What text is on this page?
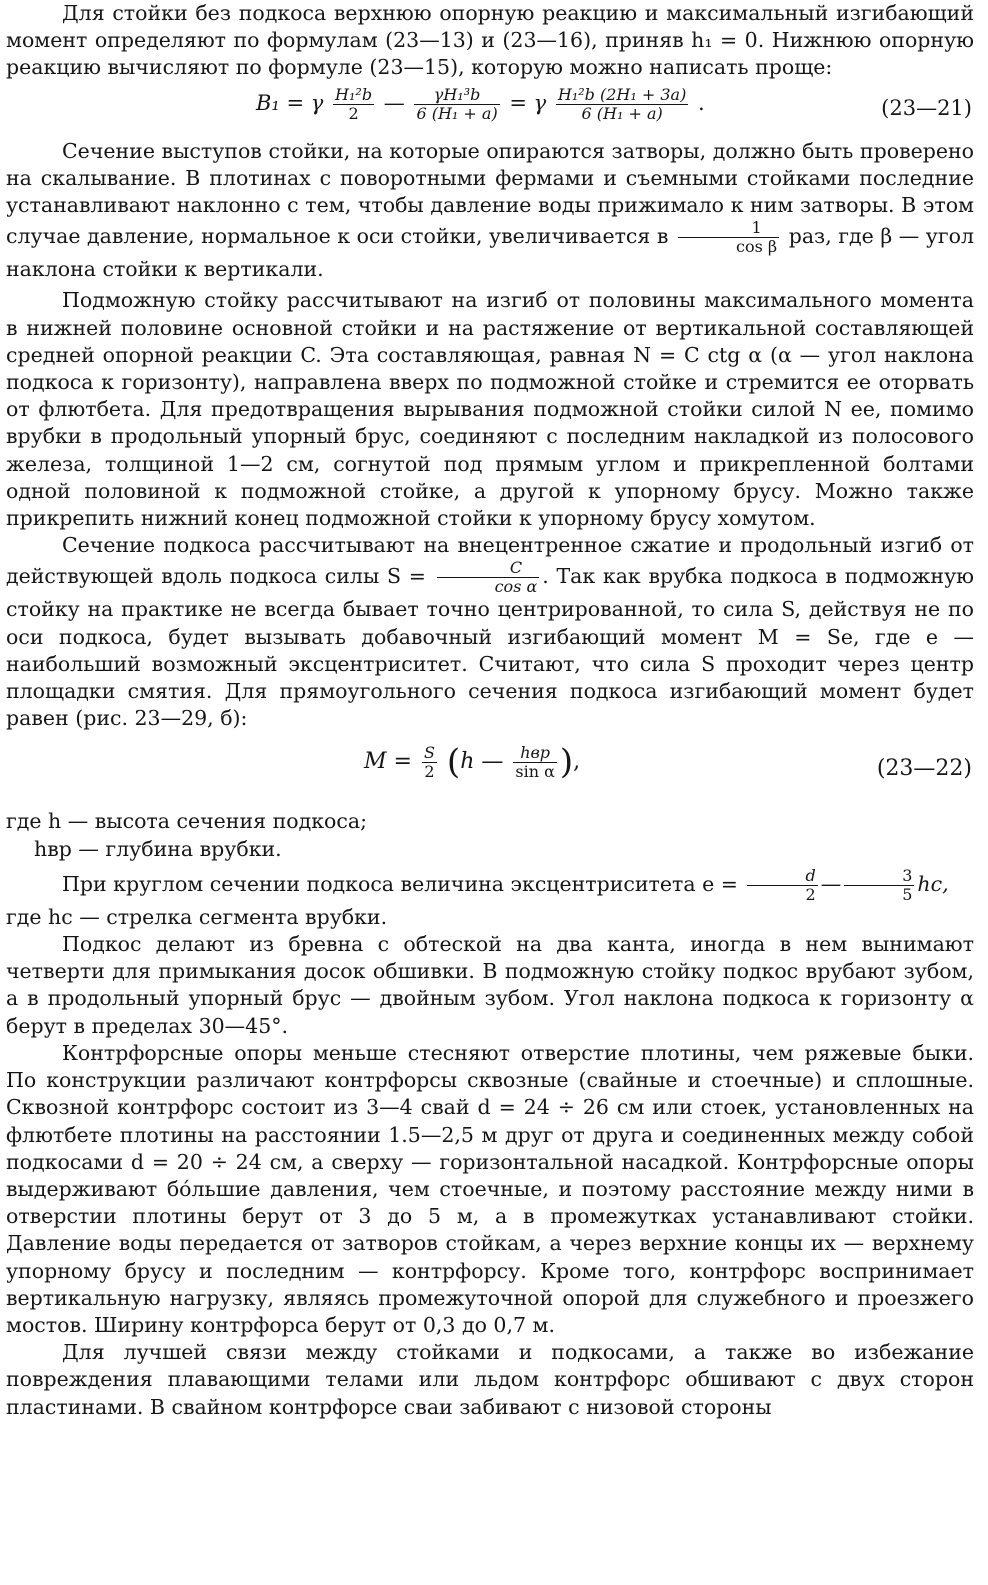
Для стойки без подкоса верхнюю опорную реакцию и максимальный изгибающий момент определяют по формулам (23—13) и (23—16), приняв h₁ = 0. Нижнюю опорную реакцию вычисляют по формуле (23—15), которую можно написать проще:

B₁ = γ $\frac{\text{H₁²b}}{2}$ — $\frac{\text{γH₁³b}}{\text{6 (H₁ + a)}} = \gamma \frac{\text{H₁²b (2H₁ + 3a)}}{\text{6 (H₁ + a)}}$ .	(23—21)

Сечение выступов стойки, на которые опираются затворы, должно быть проверено на скалывание. В плотинах с поворотными фермами и съемными стойками последние устанавливают наклонно с тем, чтобы давление воды прижимало к ним затворы. В этом случае давление, нормальное к оси стойки, увеличивается в $\frac{1}{\text{cos β}}$ раз, где β — угол наклона стойки к вертикали.

Подможную стойку рассчитывают на изгиб от половины максимального момента в нижней половине основной стойки и на растяжение от вертикальной составляющей средней опорной реакции C. Эта составляющая, равная N = C ctg α (α — угол наклона подкоса к горизонту), направлена вверх по подможной стойке и стремится ее оторвать от флютбета. Для предотвращения вырывания подможной стойки силой N ее, помимо врубки в продольный упорный брус, соединяют с последним накладкой из полосового железа, толщиной 1—2 см, согнутой под прямым углом и прикрепленной болтами одной половиной к подможной стойке, а другой к упорному брусу. Можно также прикрепить нижний конец подможной стойки к упорному брусу хомутом.

Сечение подкоса рассчитывают на внецентренное сжатие и продольный изгиб от действующей вдоль подкоса силы $S = \frac{C}{\text{cos α}}$ . Так как врубка подкоса в подможную стойку на практике не всегда бывает точно центрированной, то сила S, действуя не по оси подкоса, будет вызывать добавочный изгибающий момент M = Se, где e — наибольший возможный эксцентриситет. Считают, что сила S проходит через центр площадки смятия. Для прямоугольного сечения подкоса изгибающий момент будет равен (рис. 23—29, б):

$M = \frac{S}{2} (h$ — $\frac{\text{hвр}}{\text{sin α}}$ ),	(23—22)

где h — высота сечения подкоса;

hвр — глубина врубки.

При круглом сечении подкоса величина эксцентриситета $e = \frac{d}{2}$ — $\frac{3}{5}$ hс,

где hс — стрелка сегмента врубки.

Подкос делают из бревна с обтеской на два канта, иногда в нем вынимают четверти для примыкания досок обшивки. В подможную стойку подкос врубают зубом, а в продольный упорный брус — двойным зубом. Угол наклона подкоса к горизонту α берут в пределах 30—45°.

Контрфорсные опоры меньше стесняют отверстие плотины, чем ряжевые быки. По конструкции различают контрфорсы сквозные (свайные и стоечные) и сплошные. Сквозной контрфорс состоит из 3—4 свай d = 24 ÷ 26 см или стоек, установленных на флютбете плотины на расстоянии 1.5—2,5 м друг от друга и соединенных между собой подкосами d = 20 ÷ 24 см, а сверху — горизонтальной насадкой. Контрфорсные опоры выдерживают бо́льшие давления, чем стоечные, и поэтому расстояние между ними в отверстии плотины берут от 3 до 5 м, а в промежутках устанавливают стойки. Давление воды передается от затворов стойкам, а через верхние концы их — верхнему упорному брусу и последним — контрфорсу. Кроме того, контрфорс воспринимает вертикальную нагрузку, являясь промежуточной опорой для служебного и проезжего мостов. Ширину контрфорса берут от 0,3 до 0,7 м.

Для лучшей связи между стойками и подкосами, а также во избежание повреждения плавающими телами или льдом контрфорс обшивают с двух сторон пластинами. В свайном контрфорсе сваи забивают с низовой стороны
